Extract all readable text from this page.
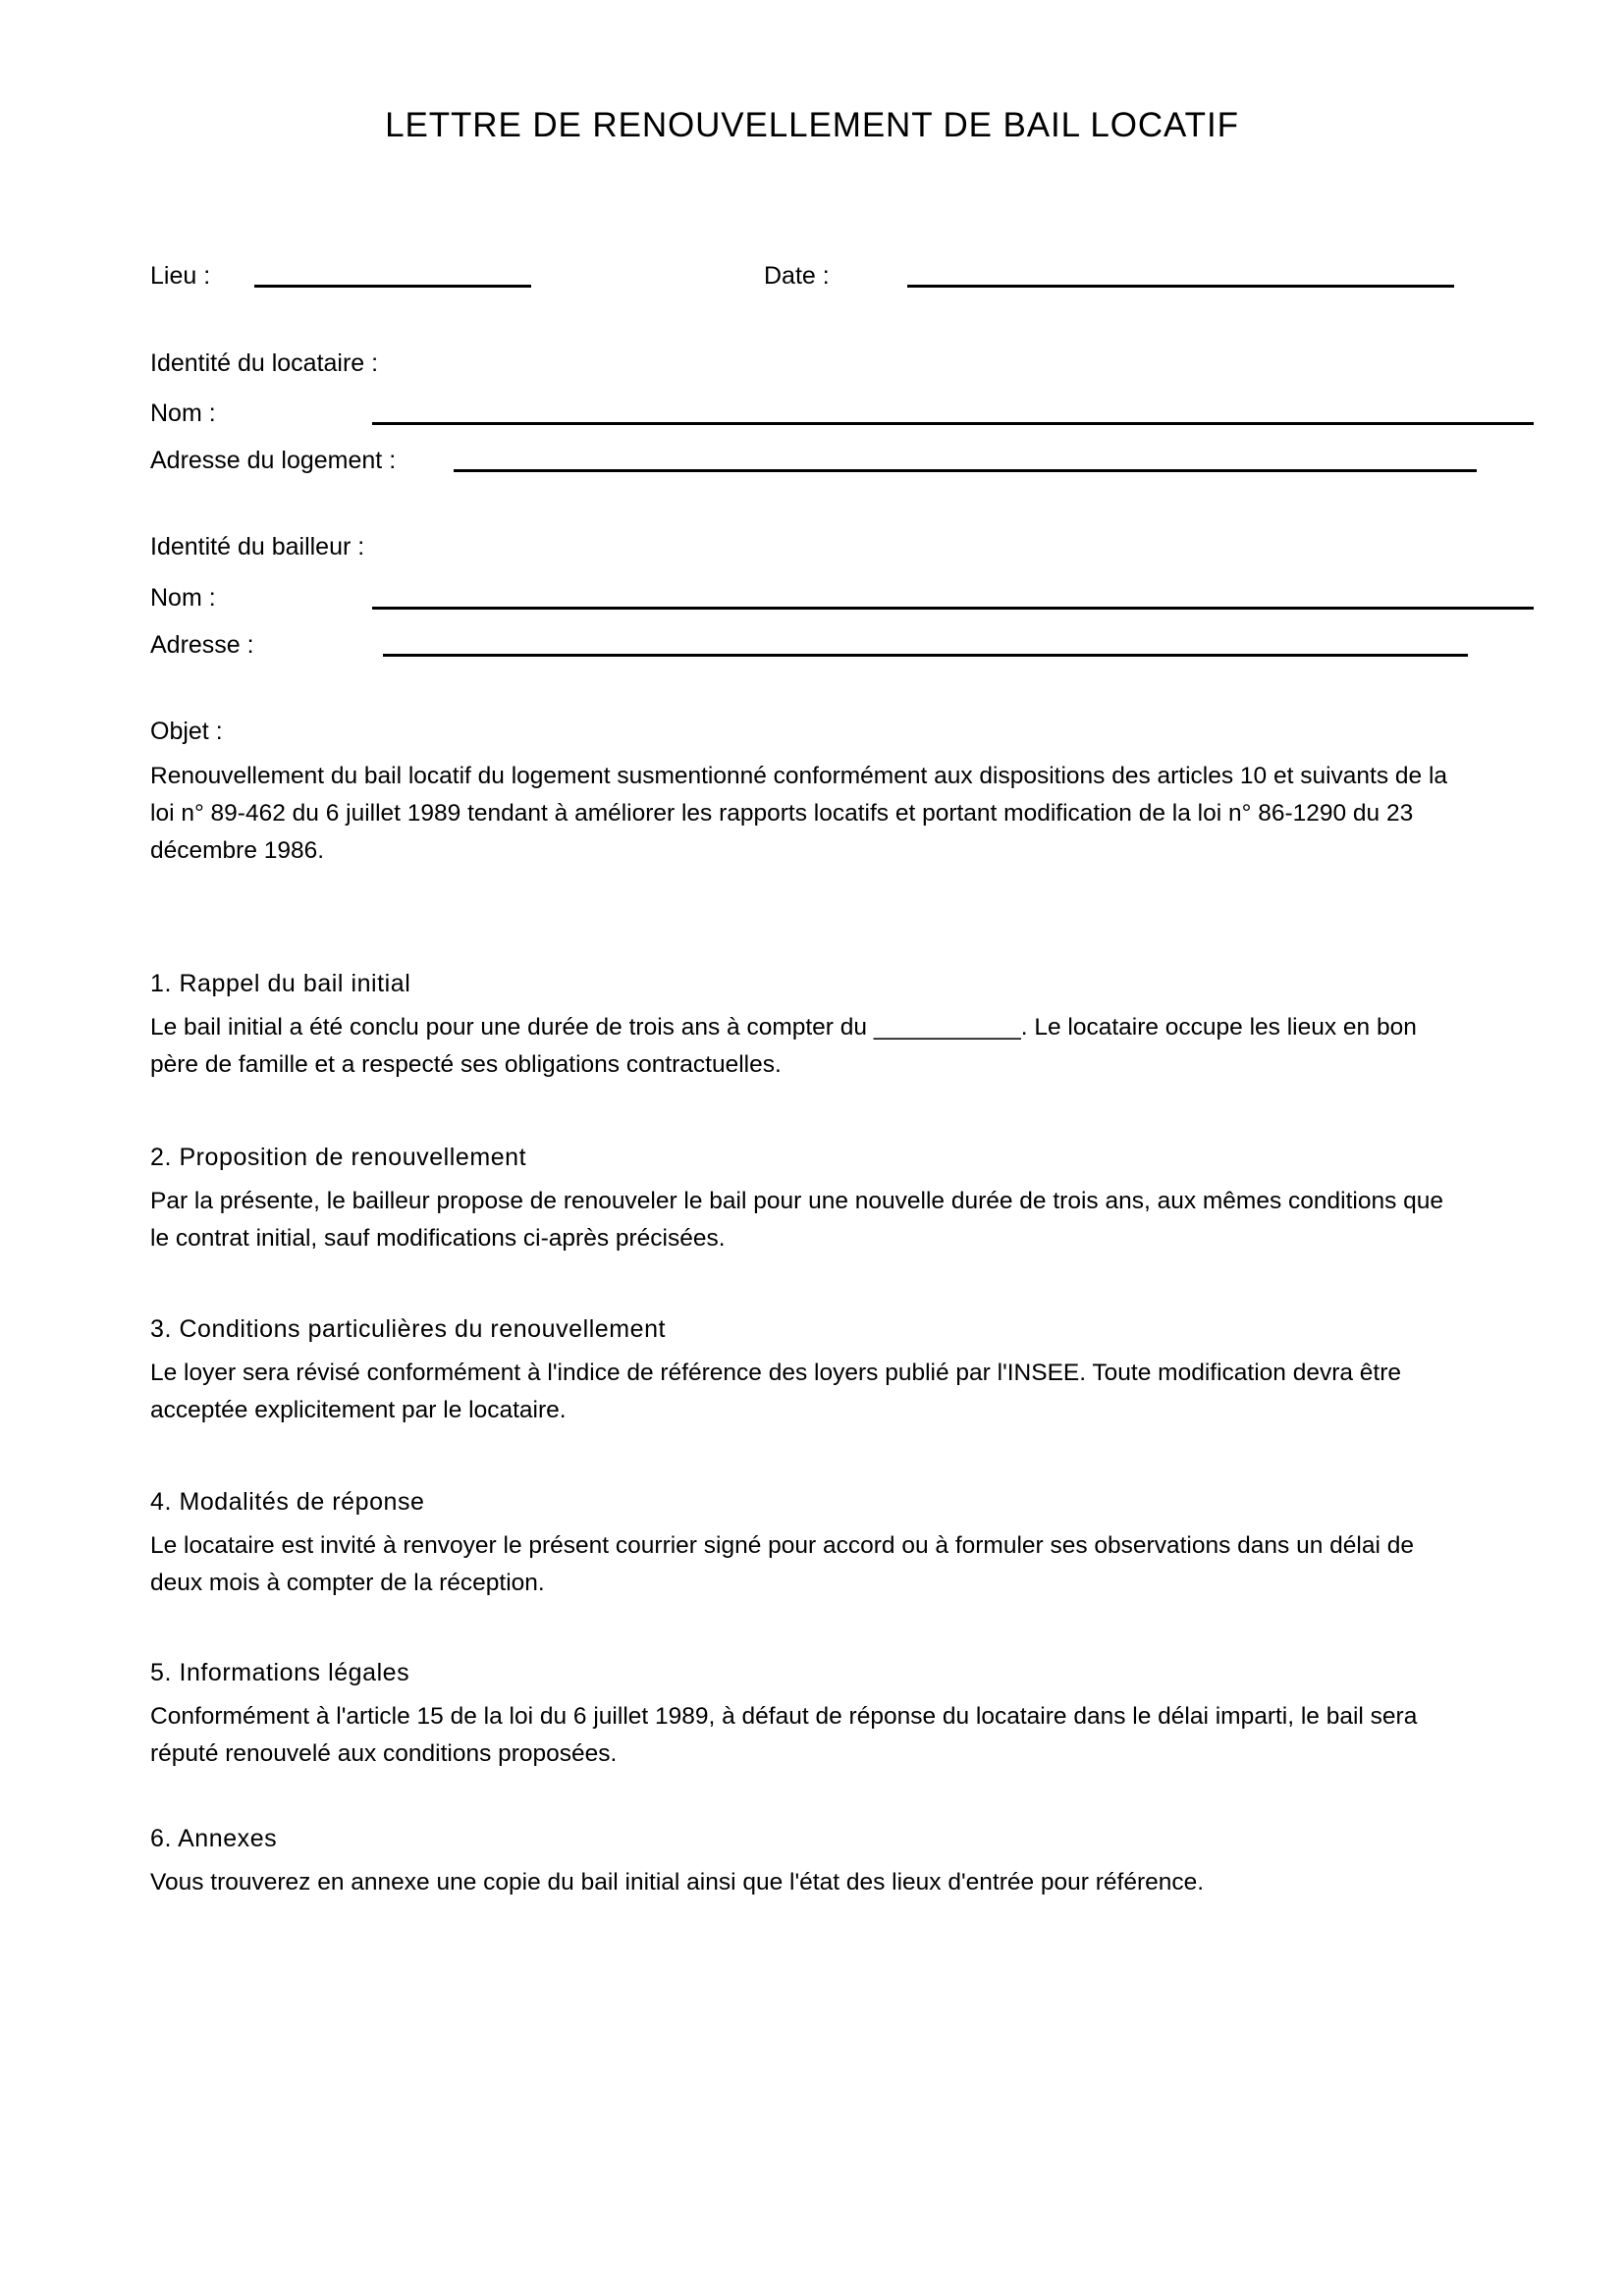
LETTRE DE RENOUVELLEMENT DE BAIL LOCATIF
Lieu :	Date :
Identité du locataire :
Nom :
Adresse du logement :
Identité du bailleur :
Nom :
Adresse :
Objet :
Renouvellement du bail locatif du logement susmentionné conformément aux dispositions des articles 10 et suivants de la loi n° 89-462 du 6 juillet 1989 tendant à améliorer les rapports locatifs et portant modification de la loi n° 86-1290 du 23 décembre 1986.
1. Rappel du bail initial
Le bail initial a été conclu pour une durée de trois ans à compter du ___________. Le locataire occupe les lieux en bon père de famille et a respecté ses obligations contractuelles.
2. Proposition de renouvellement
Par la présente, le bailleur propose de renouveler le bail pour une nouvelle durée de trois ans, aux mêmes conditions que le contrat initial, sauf modifications ci-après précisées.
3. Conditions particulières du renouvellement
Le loyer sera révisé conformément à l'indice de référence des loyers publié par l'INSEE. Toute modification devra être acceptée explicitement par le locataire.
4. Modalités de réponse
Le locataire est invité à renvoyer le présent courrier signé pour accord ou à formuler ses observations dans un délai de deux mois à compter de la réception.
5. Informations légales
Conformément à l'article 15 de la loi du 6 juillet 1989, à défaut de réponse du locataire dans le délai imparti, le bail sera réputé renouvelé aux conditions proposées.
6. Annexes
Vous trouverez en annexe une copie du bail initial ainsi que l'état des lieux d'entrée pour référence.
